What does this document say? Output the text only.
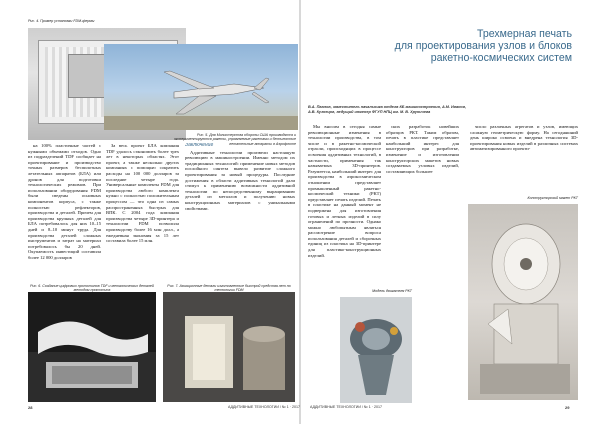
Рис. 4. Пример установки FDM-фермы
Рис. 5. Для Министерства обороны США производятся и экспериментируются ракеты, управляемые ракетами и беспилотные летательные аппараты в Аэрофлоте

на 100% пластичные частей с нужными объемами отходов. Одно из подразделений TDF сообщает на проектирование и производство точных размеров беспилотных летательных аппаратов (БЛА) или дронов для подготовки технологических режимов. При использовании оборудования FDM были сведены основных компонентов корпуса, с также полностью рефлекторов, производства и деталей. Причем для производства крупных деталей для БЛА потребовалось для них 10–15 дней и 8–10 минут труда. Для производства деталей сложных инструментов и затрат на материал потребовалось бы 20 дней. Окупаемость инвестиций составила более 12 000 долларов

За весь проект БЛА компания TDF удалось сэкономить более трех лет в некоторых областях. Этот проект, а также несколько других компаниях с помощью сократить расходы на 100 000 долларов за последние четыре года. Универсальные комплекты FDM для производства любого комплекта нужно с полностью положительным процессом — что одна из самых распространенных быстрых для ВПК. С 2004 года компания производства четыре 3D-принтера и технологии FDM позволила производству более 16 млн долл., а ежедневная экономия за 15 лет составила более 15 млн.

Заключение

Аддитивные технологии произвели настоящую революцию в машиностроении. Именно методом их традиционных технологий: применение новых методов послойного синтеза вывело развитие сложного проектирования за новый процедуры. Последние достижения в области аддитивных технологий дали стимул к применению возможности аддитивной технологии по непосредственному выращиванию деталей из металлов и получению новых конструкционных материалов с уникальными свойствами.

Рис. 6. Создание цифровых прототипов TDF и металлических деталей методом прототипа
Рис. 7. Авиационные детали изготовленные быстрой средства лет по технологии FDM
28	АДДИТИВНЫЕ ТЕХНОЛОГИИ / № 1 · 2017
Трехмерная печать
для проектирования узлов и блоков
ракетно-космических систем
В.А. Павлов, заместитель начальника отдела КБ машиностроения, А.М. Иванов,
А.В. Кузнецов, ведущий инженер ФГУП НПЦ им. М. В. Хруничева

Мы вносим в сегодня самые революционные изменения в технологии производства, в том числе и в ракетно-космической отрасли, происходящих в процессе освоения аддитивных технологий, в частности, применения так называемых 3D-принтеров. Разумеется, наибольший интерес для производства в аэрокосмическом отношении представляет промышленный ракетно-космический техники (РКТ) представляет печать изделий. Печать в пластике на данный момент не подвержена для изготовления готовых и летных изделий в силу ограничений по прочности. Однако можно любопытным являться рассмотрение вопроса использования деталей и сборочных единиц из пластика на 3D-принтере для пластико-конструкционных изделий.

ских разработок новейших образцов РКТ. Таким образом, печать в пластике представляет наибольший интерес для конструкторов при разработке, изменение и изготовлении конструкторских макетов новых создаваемых узловых изделий, составляющих большее

число различных агрегатов и узлов, имеющих сложную геометрическую форму. На сегодняшний день широко освоена и внедрена технология 3D-проектирования новых изделий в различных системах автоматизированного проекти-

Конструкторский макет РКТ
Модель двигателя РКТ
АДДИТИВНЫЕ ТЕХНОЛОГИИ / № 1 · 2017	29
